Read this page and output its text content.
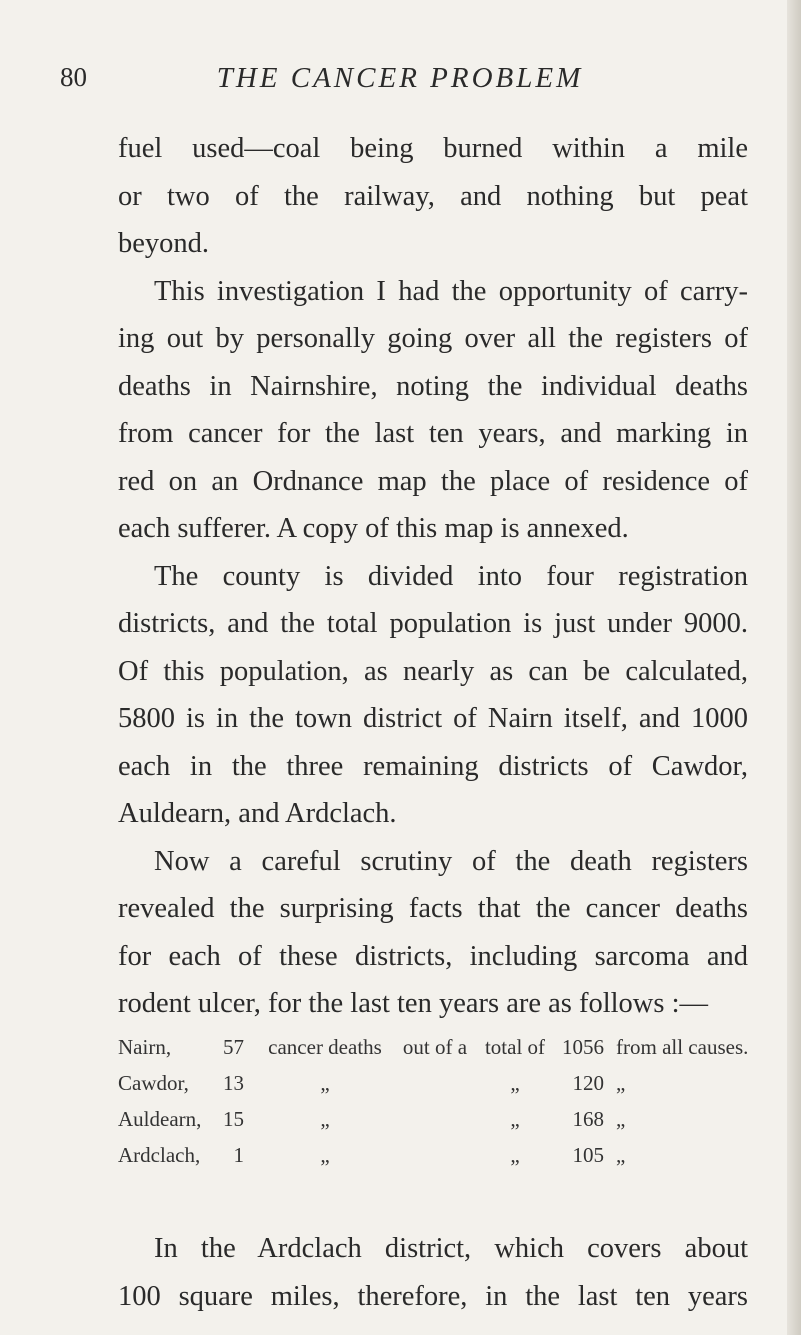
80	THE CANCER PROBLEM
fuel used—coal being burned within a mile
or two of the railway, and nothing but peat
beyond.
This investigation I had the opportunity of carry-
ing out by personally going over all the registers of
deaths in Nairnshire, noting the individual deaths
from cancer for the last ten years, and marking in
red on an Ordnance map the place of residence of
each sufferer. A copy of this map is annexed.
The county is divided into four registration
districts, and the total population is just under 9000.
Of this population, as nearly as can be calculated,
5800 is in the town district of Nairn itself, and 1000
each in the three remaining districts of Cawdor,
Auldearn, and Ardclach.
Now a careful scrutiny of the death registers
revealed the surprising facts that the cancer deaths
for each of these districts, including sarcoma and
rodent ulcer, for the last ten years are as follows :—
Nairn,	57	cancer deaths	out of a	total of	1056	from all causes.
Cawdor,	13	„		„	120	„
Auldearn,	15	„		„	168	„
Ardclach,	1	„		„	105	„
In the Ardclach district, which covers about
100 square miles, therefore, in the last ten years
